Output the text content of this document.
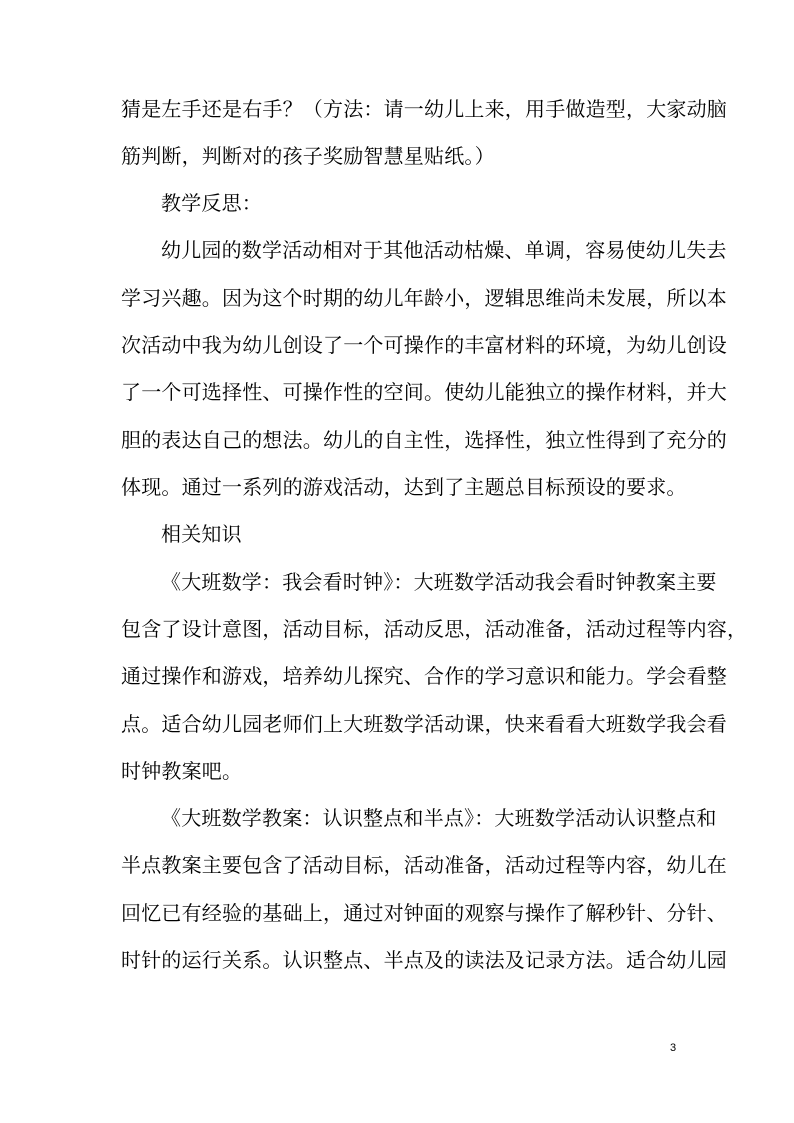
猜是左手还是右手？（方法：请一幼儿上来，用手做造型，大家动脑
筋判断，判断对的孩子奖励智慧星贴纸。）
教学反思：
幼儿园的数学活动相对于其他活动枯燥、单调，容易使幼儿失去
学习兴趣。因为这个时期的幼儿年龄小，逻辑思维尚未发展，所以本
次活动中我为幼儿创设了一个可操作的丰富材料的环境，为幼儿创设
了一个可选择性、可操作性的空间。使幼儿能独立的操作材料，并大
胆的表达自己的想法。幼儿的自主性，选择性，独立性得到了充分的
体现。通过一系列的游戏活动，达到了主题总目标预设的要求。
相关知识
《大班数学：我会看时钟》：大班数学活动我会看时钟教案主要
包含了设计意图，活动目标，活动反思，活动准备，活动过程等内容，
通过操作和游戏，培养幼儿探究、合作的学习意识和能力。学会看整
点。适合幼儿园老师们上大班数学活动课，快来看看大班数学我会看
时钟教案吧。
《大班数学教案：认识整点和半点》：大班数学活动认识整点和
半点教案主要包含了活动目标，活动准备，活动过程等内容，幼儿在
回忆已有经验的基础上，通过对钟面的观察与操作了解秒针、分针、
时针的运行关系。认识整点、半点及的读法及记录方法。适合幼儿园
3
